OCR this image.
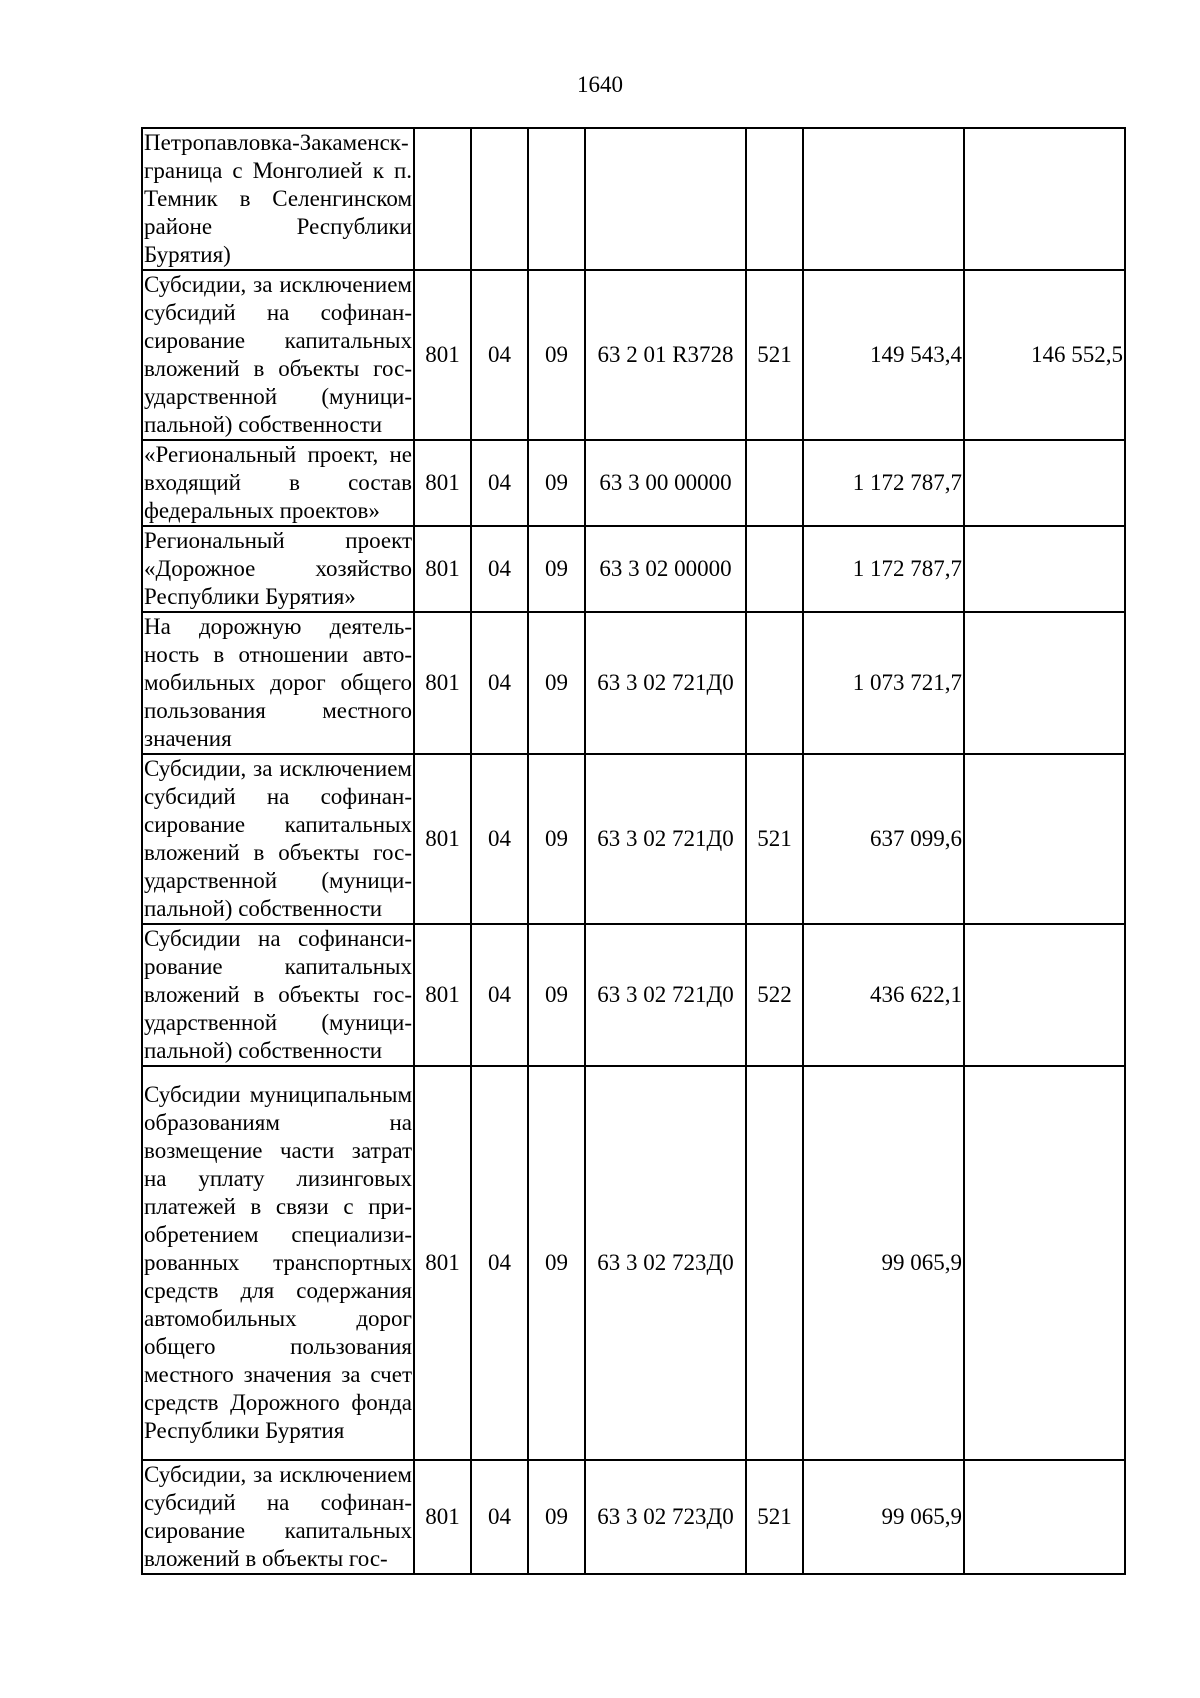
1640
Петропавловка-Закаменск-граница с Монголией к п. Темник в Селенгинском районе Республики Бурятия)							
Субсидии, за исключением субсидий на софинансирование капитальных вложений в объекты государственной (муниципальной) собственности	801	04	09	63 2 01 R3728	521	149 543,4	146 552,5
«Региональный проект, не входящий в состав федеральных проектов»	801	04	09	63 3 00 00000		1 172 787,7	
Региональный проект «Дорожное хозяйство Республики Бурятия»	801	04	09	63 3 02 00000		1 172 787,7	
На дорожную деятельность в отношении автомобильных дорог общего пользования местного значения	801	04	09	63 3 02 721Д0		1 073 721,7	
Субсидии, за исключением субсидий на софинансирование капитальных вложений в объекты государственной (муниципальной) собственности	801	04	09	63 3 02 721Д0	521	637 099,6	
Субсидии на софинансирование капитальных вложений в объекты государственной (муниципальной) собственности	801	04	09	63 3 02 721Д0	522	436 622,1	
Субсидии муниципальным образованиям на возмещение части затрат на уплату лизинговых платежей в связи с приобретением специализированных транспортных средств для содержания автомобильных дорог общего пользования местного значения за счет средств Дорожного фонда Республики Бурятия	801	04	09	63 3 02 723Д0		99 065,9	
Субсидии, за исключением субсидий на софинансирование капитальных вложений в объекты гос-	801	04	09	63 3 02 723Д0	521	99 065,9	
